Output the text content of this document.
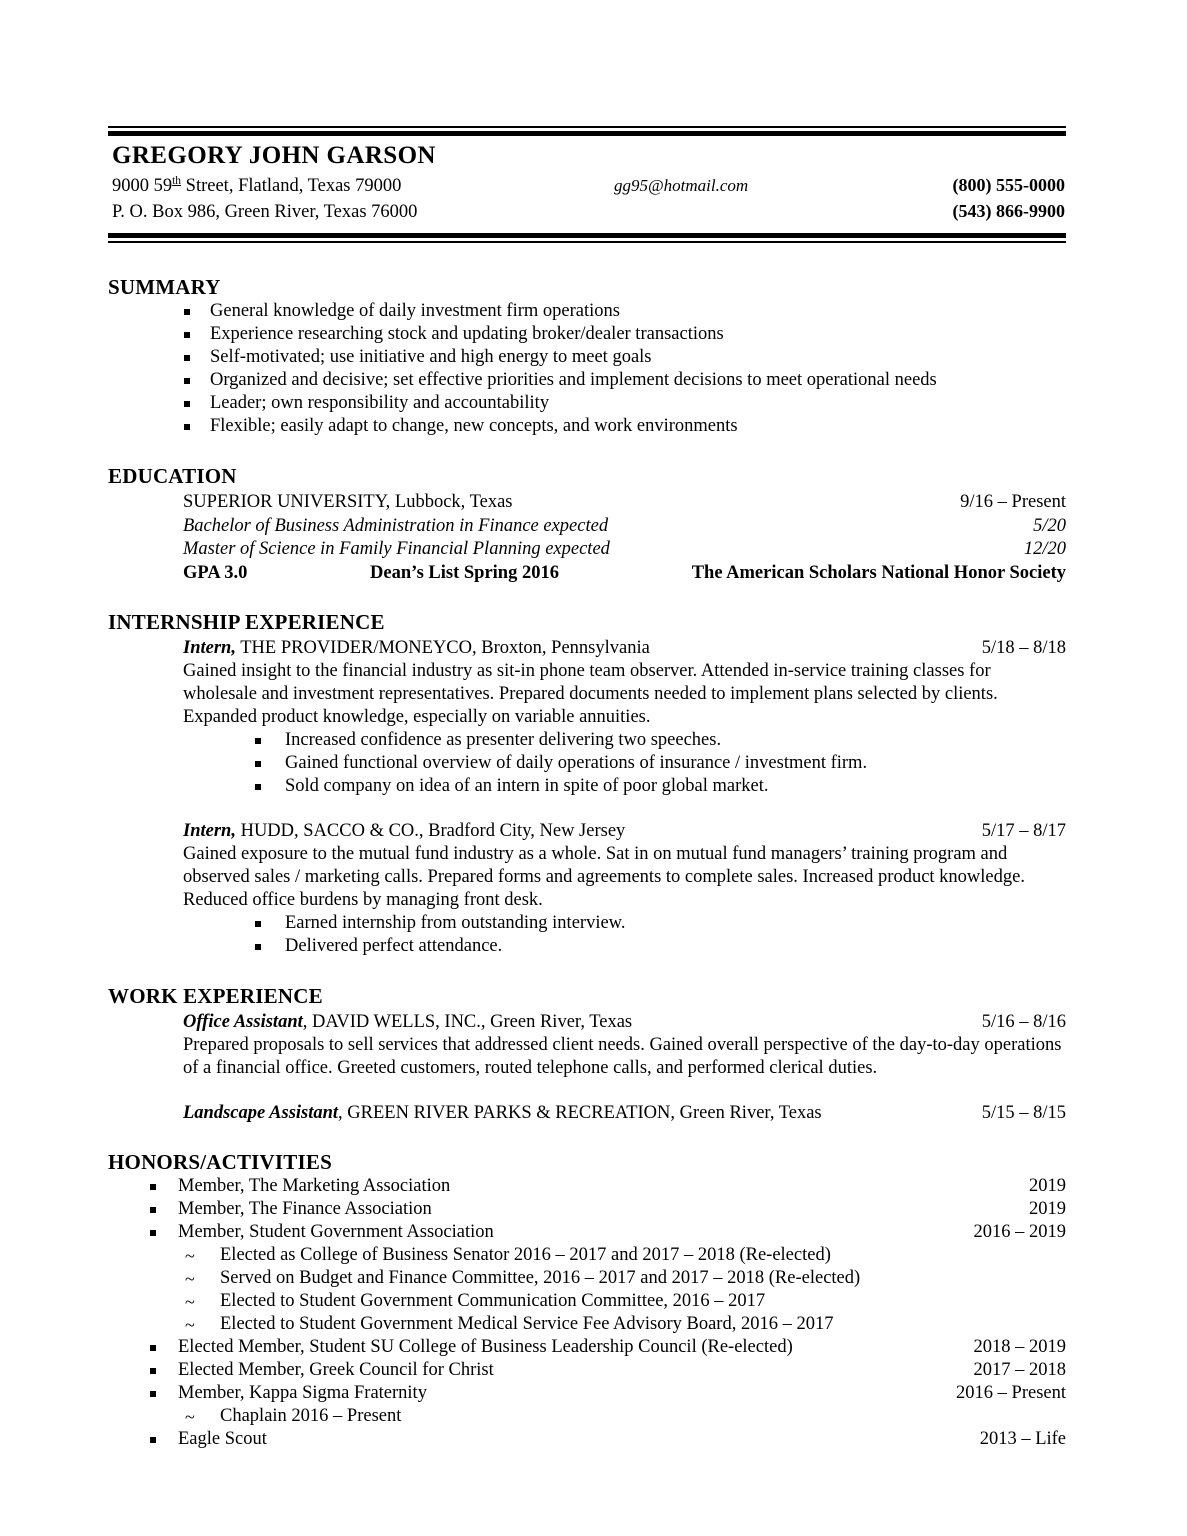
GREGORY JOHN GARSON
9000 59th Street, Flatland, Texas 79000	gg95@hotmail.com	(800) 555-0000
P. O. Box 986, Green River, Texas 76000	(543) 866-9900
SUMMARY
General knowledge of daily investment firm operations
Experience researching stock and updating broker/dealer transactions
Self-motivated; use initiative and high energy to meet goals
Organized and decisive; set effective priorities and implement decisions to meet operational needs
Leader; own responsibility and accountability
Flexible; easily adapt to change, new concepts, and work environments
EDUCATION
SUPERIOR UNIVERSITY, Lubbock, Texas	9/16 – Present
Bachelor of Business Administration in Finance expected	5/20
Master of Science in Family Financial Planning expected	12/20
GPA 3.0	Dean’s List Spring 2016	The American Scholars National Honor Society
INTERNSHIP EXPERIENCE
Intern, THE PROVIDER/MONEYCO, Broxton, Pennsylvania	5/18 – 8/18
Gained insight to the financial industry as sit-in phone team observer. Attended in-service training classes for wholesale and investment representatives. Prepared documents needed to implement plans selected by clients. Expanded product knowledge, especially on variable annuities.
Increased confidence as presenter delivering two speeches.
Gained functional overview of daily operations of insurance / investment firm.
Sold company on idea of an intern in spite of poor global market.
Intern, HUDD, SACCO & CO., Bradford City, New Jersey	5/17 – 8/17
Gained exposure to the mutual fund industry as a whole. Sat in on mutual fund managers’ training program and observed sales / marketing calls. Prepared forms and agreements to complete sales. Increased product knowledge. Reduced office burdens by managing front desk.
Earned internship from outstanding interview.
Delivered perfect attendance.
WORK EXPERIENCE
Office Assistant, DAVID WELLS, INC., Green River, Texas	5/16 – 8/16
Prepared proposals to sell services that addressed client needs. Gained overall perspective of the day-to-day operations of a financial office. Greeted customers, routed telephone calls, and performed clerical duties.
Landscape Assistant, GREEN RIVER PARKS & RECREATION, Green River, Texas	5/15 – 8/15
HONORS/ACTIVITIES
Member, The Marketing Association	2019
Member, The Finance Association	2019
Member, Student Government Association	2016 – 2019
~ Elected as College of Business Senator 2016 – 2017 and 2017 – 2018 (Re-elected)
~ Served on Budget and Finance Committee, 2016 – 2017 and 2017 – 2018 (Re-elected)
~ Elected to Student Government Communication Committee, 2016 – 2017
~ Elected to Student Government Medical Service Fee Advisory Board, 2016 – 2017
Elected Member, Student SU College of Business Leadership Council (Re-elected)	2018 – 2019
Elected Member, Greek Council for Christ	2017 – 2018
Member, Kappa Sigma Fraternity	2016 – Present
~ Chaplain 2016 – Present
Eagle Scout	2013 – Life
